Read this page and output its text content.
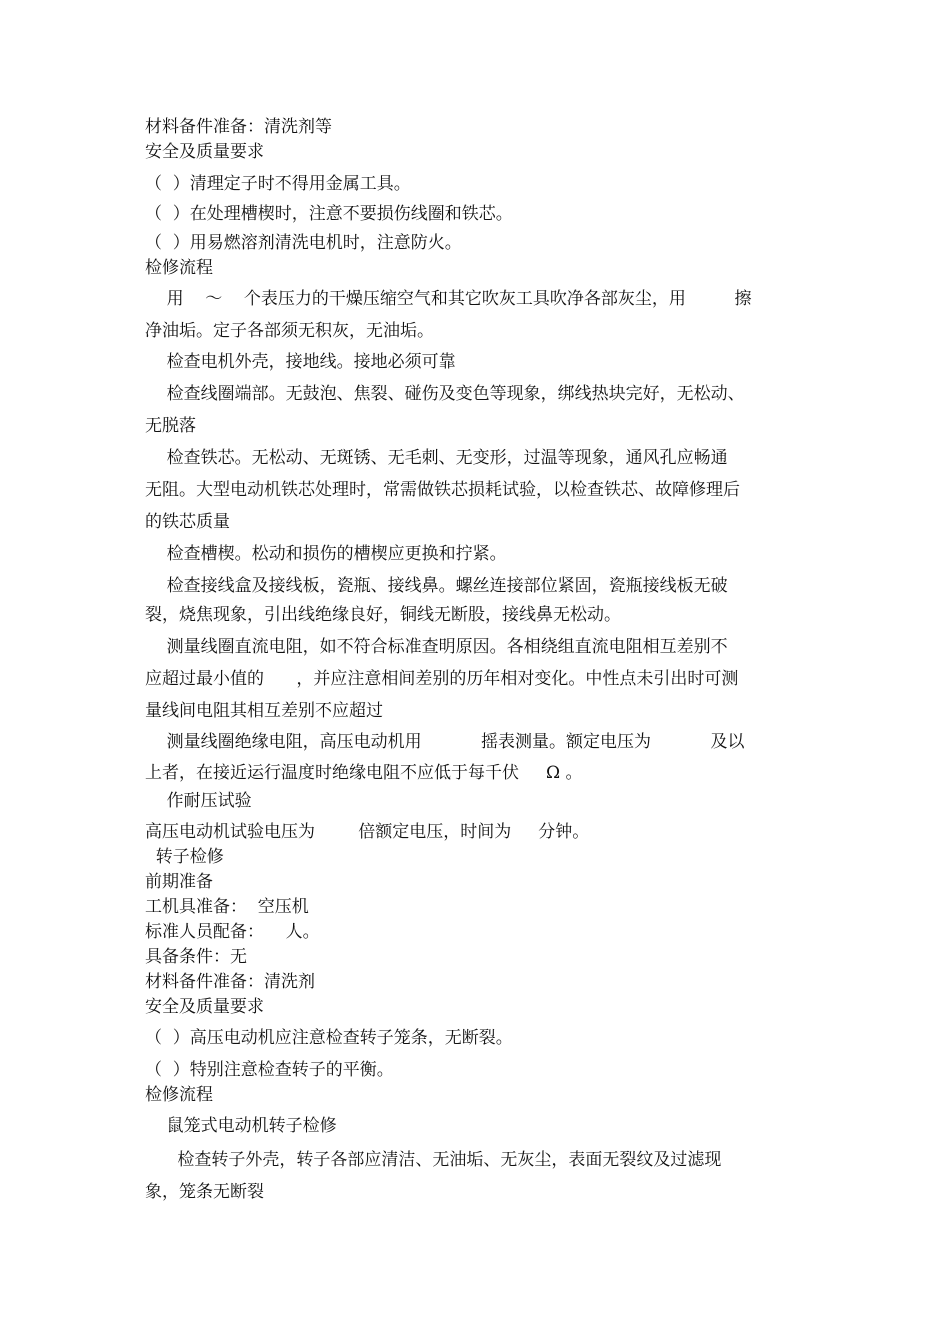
材料备件准备：清洗剂等
安全及质量要求
（  ）清理定子时不得用金属工具。
（  ）在处理槽楔时，注意不要损伤线圈和铁芯。
（  ）用易燃溶剂清洗电机时，注意防火。
检修流程
用    ～    个表压力的干燥压缩空气和其它吹灰工具吹净各部灰尘，用         擦
净油垢。定子各部须无积灰，无油垢。
检查电机外壳，接地线。接地必须可靠
检查线圈端部。无鼓泡、焦裂、碰伤及变色等现象，绑线热块完好，无松动、
无脱落
检查铁芯。无松动、无斑锈、无毛刺、无变形，过温等现象，通风孔应畅通
无阻。大型电动机铁芯处理时，常需做铁芯损耗试验，以检查铁芯、故障修理后
的铁芯质量
检查槽楔。松动和损伤的槽楔应更换和拧紧。
检查接线盒及接线板，瓷瓶、接线鼻。螺丝连接部位紧固，瓷瓶接线板无破
裂，烧焦现象，引出线绝缘良好，铜线无断股，接线鼻无松动。
测量线圈直流电阻，如不符合标准查明原因。各相绕组直流电阻相互差别不
应超过最小值的      ，并应注意相间差别的历年相对变化。中性点未引出时可测
量线间电阻其相互差别不应超过
测量线圈绝缘电阻，高压电动机用           摇表测量。额定电压为           及以
上者，在接近运行温度时绝缘电阻不应低于每千伏     Ω 。
作耐压试验
高压电动机试验电压为        倍额定电压，时间为     分钟。
转子检修
前期准备
工机具准备：  空压机
标准人员配备：    人。
具备条件：无
材料备件准备：清洗剂
安全及质量要求
（  ）高压电动机应注意检查转子笼条，无断裂。
（  ）特别注意检查转子的平衡。
检修流程
鼠笼式电动机转子检修
检查转子外壳，转子各部应清洁、无油垢、无灰尘，表面无裂纹及过滤现
象，笼条无断裂
